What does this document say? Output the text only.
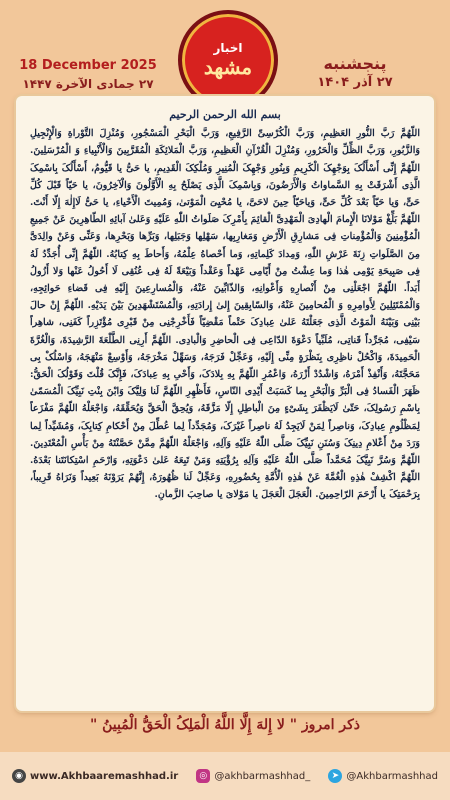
18 December 2025
۲۷ جمادی الآخرة ۱۴۴۷
اخبار
مشهد	پنجشنبه
۲۷ آذر ۱۴۰۴
بسم الله الرحمن الرحیم
اللّهُمَّ رَبَّ النُّورِ العَظِیمِ، وَرَبَّ الْکُرْسِیِّ الرَّفِیعِ، وَرَبَّ الْبَحْرِ الْمَسْجُورِ، وَمُنْزِلَ التَّوْراةِ وَالْإِنْجِیلِ وَالزَّبُورِ، وَرَبَّ الظِّلِّ وَالْحَرُورِ، وَمُنْزِلَ الْقُرْآنِ الْعَظِیمِ، وَرَبَّ الْمَلائِکَةِ الْمُقَرَّبِینَ وَالْأَنْبِیاءِ وَ الْمُرْسَلِینَ. اللّهُمَّ إِنِّی أَسْأَلُکَ بِوَجْهِکَ الْکَرِیمِ وَبِنُورِ وَجْهِکَ الْمُنِیرِ وَمُلْکِکَ الْقَدِیمِ، یا حَیُّ یا قَیُّومُ، أَسْأَلُکَ بِاسْمِکَ الَّذِی أَشْرَقَتْ بِهِ السَّماواتُ وَالْأَرَضُونَ، وَبِاسْمِکَ الَّذِی یَصْلَحُ بِهِ الْأَوَّلُونَ وَالْآخِرُونَ، یا حَیّاً قَبْلَ کُلِّ حَیٍّ، وَیا حَیّاً بَعْدَ کُلِّ حَیٍّ، وَیاحَیّاً حِینَ لاحَیَّ، یا مُحْیِیَ الْمَوْتیٰ، وَمُمِیتَ الْأَحْیاءِ، یا حَیُّ لَاإِلٰهَ إِلّا أَنْتَ. اللّهُمَّ بَلِّغْ مَوْلانَا الْإِمامَ الْهادِیَ الْمَهْدِیَّ الْقائِمَ بِأَمْرِکَ صَلَواتُ اللّٰهِ عَلَیْهِ وَعَلیٰ آبائِهِ الطّاهِرِینَ عَنْ جَمِیعِ الْمُؤْمِنِینَ وَالْمُؤْمِناتِ فِی مَشارِقِ الْأَرْضِ وَمَغارِبِها، سَهْلِها وَجَبَلِها، وَبَرِّها وَبَحْرِها، وَعَنِّی وَعَنْ والِدَیَّ مِنَ الصَّلَواتِ زِنَةَ عَرْشِ اللّٰهِ، وَمِدادَ کَلِماتِهِ، وَما أَحْصاهُ عِلْمُهُ، وَأَحاطَ بِهِ کِتابُهُ. اللّهُمَّ إِنِّی أُجَدِّدُ لَهُ فِی صَبِیحَةِ یَوْمِی هٰذا وَما عِشْتُ مِنْ أَیّامِی عَهْداً وَعَقْداً وَبَیْعَةً لَهُ فِی عُنُقِی لَا أَحُولُ عَنْها وَلا أَزُولُ أَبَداً. اللّهُمَّ اجْعَلْنِی مِنْ أَنْصارِهِ وَأَعْوانِهِ، وَالذّابِّینَ عَنْهُ، وَالْمُسارِعِینَ إِلَیْهِ فِی قَضاءِ حَوائِجِهِ، وَالْمُمْتَثِلِینَ لِأَوامِرِهِ وَ الْمُحامِینَ عَنْهُ، وَالسّابِقِینَ إِلیٰ إِرادَتِهِ، وَالْمُسْتَشْهَدِینَ بَیْنَ یَدَیْهِ. اللّهُمَّ إِنْ حالَ بَیْنِی وَبَیْنَهُ الْمَوْتُ الَّذِی جَعَلْتَهُ عَلیٰ عِبادِکَ حَتْماً مَقْضِیّاً فَأَخْرِجْنِی مِنْ قَبْرِی مُؤْتَزِراً کَفَنِی، شاهِراً سَیْفِی، مُجَرِّداً قَناتِی، مُلَبِّیاً دَعْوَةَ الدّاعِی فِی الْحاضِرِ وَالْبادِی. اللّهُمَّ أَرِنِی الطَّلْعَةَ الرَّشِیدَةَ، وَالْغُرَّةَ الْحَمِیدَةَ، وَاکْحُلْ ناظِرِی بِنَظْرَةٍ مِنِّی إِلَیْهِ، وَعَجِّلْ فَرَجَهُ، وَسَهِّلْ مَخْرَجَهُ، وَأَوْسِعْ مَنْهَجَهُ، وَاسْلُکْ بِی مَحَجَّتَهُ، وَأَنْفِذْ أَمْرَهُ، وَاشْدُدْ أَزْرَهُ، وَاعْمُرِ اللّهُمَّ بِهِ بِلادَکَ، وَأَحْیِ بِهِ عِبادَکَ، فَإِنَّکَ قُلْتَ وَقَوْلُکَ الْحَقُّ: ظَهَرَ الْفَسادُ فِی الْبَرِّ وَالْبَحْرِ بِما کَسَبَتْ أَیْدِی النّاسِ، فَأَظْهِرِ اللّهُمَّ لَنا وَلِیَّکَ وَابْنَ بِنْتِ نَبِیِّکَ الْمُسَمّیٰ بِاسْمِ رَسُولِکَ، حَتّیٰ لَایَظْفَرَ بِشَیْءٍ مِنَ الْباطِلِ إِلّا مَزَّقَهُ، وَیُحِقَّ الْحَقَّ وَیُحَقِّقَهُ، وَاجْعَلْهُ اللّهُمَّ مَفْزَعاً لِمَظْلُومِ عِبادِکَ، وَناصِراً لِمَنْ لَایَجِدُ لَهُ ناصِراً غَیْرَکَ، وَمُجَدِّداً لِما عُطِّلَ مِنْ أَحْکامِ کِتابِکَ، وَمُشَیِّداً لِما وَرَدَ مِنْ أَعْلامِ دِینِکَ وَسُنَنِ نَبِیِّکَ صَلَّی اللّٰهُ عَلَیْهِ وَآلِهِ، وَاجْعَلْهُ اللّهُمَّ مِمَّنْ حَصَّنْتَهُ مِنْ بَأْسِ الْمُعْتَدِینَ. اللّهُمَّ وَسُرَّ نَبِیَّکَ مُحَمَّداً صَلَّی اللّٰهُ عَلَیْهِ وَآلِهِ بِرُؤْیَتِهِ وَمَنْ تَبِعَهُ عَلیٰ دَعْوَتِهِ، وَارْحَمِ اسْتِکانَتَنا بَعْدَهُ. اللّهُمَّ اکْشِفْ هٰذِهِ الْغُمَّةَ عَنْ هٰذِهِ الْأُمَّةِ بِحُضُورِهِ، وَعَجِّلْ لَنا ظُهُورَهُ، إِنَّهُمْ یَرَوْنَهُ بَعِیداً وَنَرَاهُ قَرِیباً، بِرَحْمَتِکَ یا أَرْحَمَ الرّاحِمِینَ. الْعَجَلَ الْعَجَلَ یا مَوْلایَ یا صاحِبَ الزَّمانِ.
ذکر امروز " لا إِلهَ إِلَّا اللَّهُ الْمَلِکُ الْحَقُّ الْمُبِینُ "
◉ www.Akhbaaremashhad.ir	◎ @akhbarmashhad_	➤ @Akhbarmashhad
